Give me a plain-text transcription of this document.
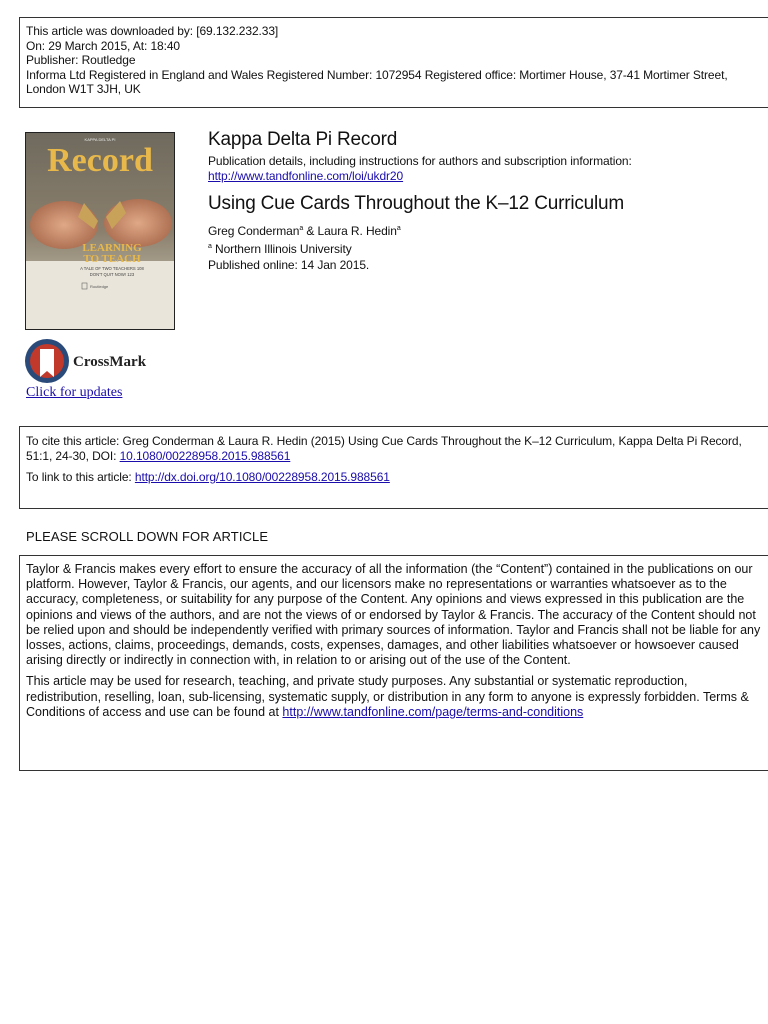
This article was downloaded by: [69.132.232.33]
On: 29 March 2015, At: 18:40
Publisher: Routledge
Informa Ltd Registered in England and Wales Registered Number: 1072954 Registered office: Mortimer House, 37-41 Mortimer Street, London W1T 3JH, UK
KAPPA DELTA PI
Record
LEARNING
TO TEACH
A TALE OF TWO TEACHERS 108
DON'T QUIT NOW! 123
Routledge
Kappa Delta Pi Record
Publication details, including instructions for authors and subscription information:
http://www.tandfonline.com/loi/ukdr20
Using Cue Cards Throughout the K–12 Curriculum
Greg Conderman$^a$ & Laura R. Hedin$^a$
$^a$ Northern Illinois University
Published online: 14 Jan 2015.
CrossMark
Click for updates
To cite this article: Greg Conderman & Laura R. Hedin (2015) Using Cue Cards Throughout the K–12 Curriculum, Kappa Delta Pi Record, 51:1, 24-30, DOI: 10.1080/00228958.2015.988561
To link to this article: http://dx.doi.org/10.1080/00228958.2015.988561
PLEASE SCROLL DOWN FOR ARTICLE

Taylor & Francis makes every effort to ensure the accuracy of all the information (the “Content”) contained in the publications on our platform. However, Taylor & Francis, our agents, and our licensors make no representations or warranties whatsoever as to the accuracy, completeness, or suitability for any purpose of the Content. Any opinions and views expressed in this publication are the opinions and views of the authors, and are not the views of or endorsed by Taylor & Francis. The accuracy of the Content should not be relied upon and should be independently verified with primary sources of information. Taylor and Francis shall not be liable for any losses, actions, claims, proceedings, demands, costs, expenses, damages, and other liabilities whatsoever or howsoever caused arising directly or indirectly in connection with, in relation to or arising out of the use of the Content.

This article may be used for research, teaching, and private study purposes. Any substantial or systematic reproduction, redistribution, reselling, loan, sub-licensing, systematic supply, or distribution in any form to anyone is expressly forbidden. Terms & Conditions of access and use can be found at http://www.tandfonline.com/page/terms-and-conditions
